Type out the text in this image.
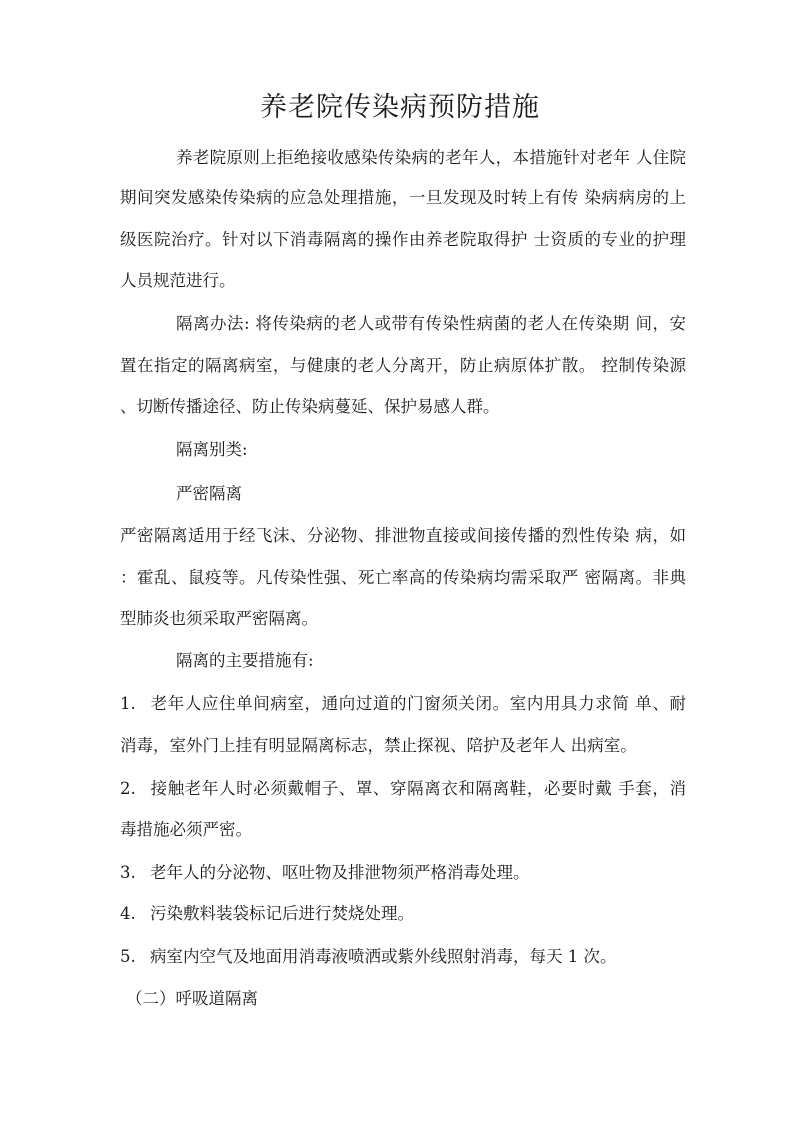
养老院传染病预防措施
养老院原则上拒绝接收感染传染病的老年人，本措施针对老年 人住院
期间突发感染传染病的应急处理措施，一旦发现及时转上有传 染病病房的上
级医院治疗。针对以下消毒隔离的操作由养老院取得护 士资质的专业的护理
人员规范进行。
隔离办法: 将传染病的老人或带有传染性病菌的老人在传染期 间，安
置在指定的隔离病室，与健康的老人分离开，防止病原体扩散。 控制传染源
、切断传播途径、防止传染病蔓延、保护易感人群。
隔离别类:
严密隔离
严密隔离适用于经飞沫、分泌物、排泄物直接或间接传播的烈性传染 病，如
：霍乱、鼠疫等。凡传染性强、死亡率高的传染病均需采取严 密隔离。非典
型肺炎也须采取严密隔离。
隔离的主要措施有:
1. 老年人应住单间病室，通向过道的门窗须关闭。室内用具力求简 单、耐
消毒，室外门上挂有明显隔离标志，禁止探视、陪护及老年人 出病室。
2. 接触老年人时必须戴帽子、罩、穿隔离衣和隔离鞋，必要时戴 手套，消
毒措施必须严密。
3. 老年人的分泌物、呕吐物及排泄物须严格消毒处理。
4. 污染敷料装袋标记后进行焚烧处理。
5. 病室内空气及地面用消毒液喷洒或紫外线照射消毒，每天 1 次。
（二）呼吸道隔离
